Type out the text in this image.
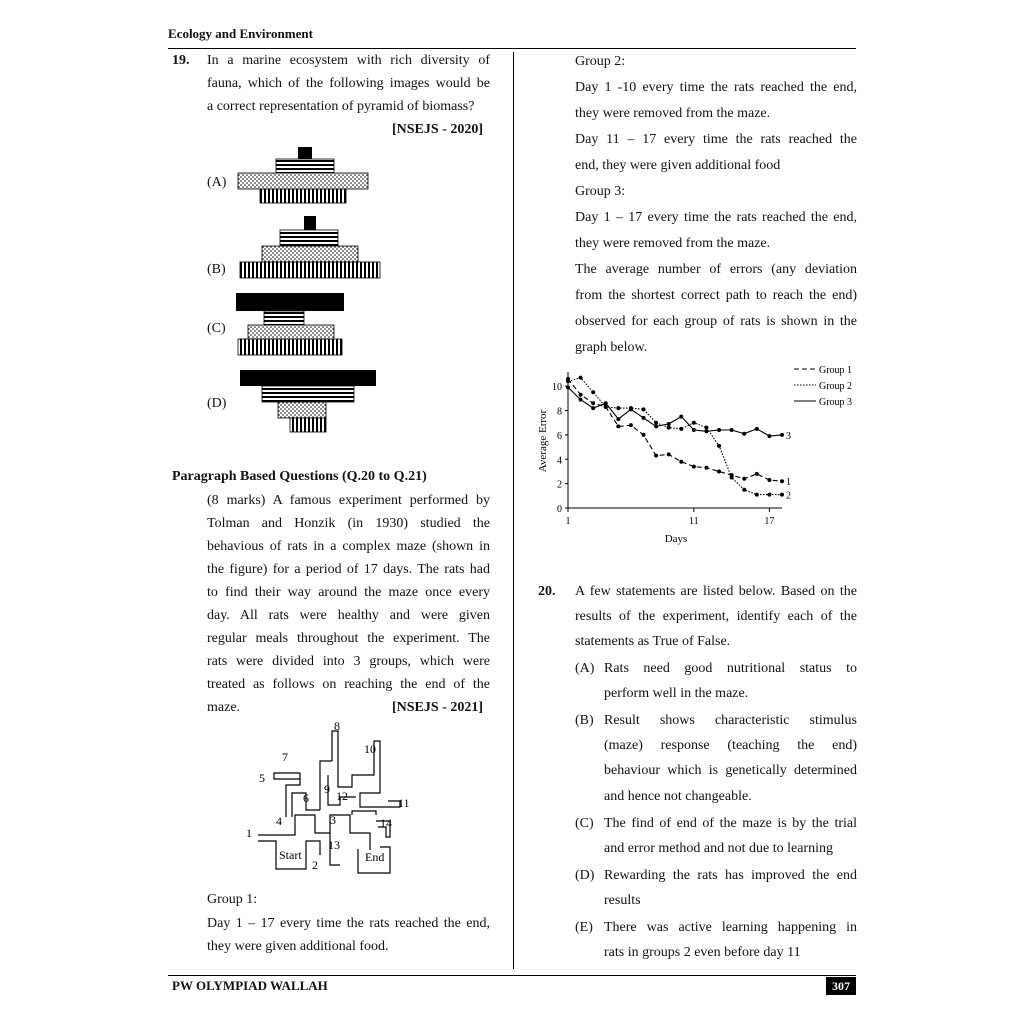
Ecology and Environment
PW OLYMPIAD WALLAH	307
19. In a marine ecosystem with rich diversity of
fauna, which of the following images would be
a correct representation of pyramid of biomass?
[NSEJS - 2020]
(A)
(B)
(C)
(D)
Paragraph Based Questions (Q.20 to Q.21)
(8 marks) A famous experiment performed by
Tolman and Honzik (in 1930) studied the
behavious of rats in a complex maze (shown in
the figure) for a period of 17 days. The rats had
to find their way around the maze once every
day. All rats were healthy and were given
regular meals throughout the experiment. The
rats were divided into 3 groups, which were
treated as follows on reaching the end of the
maze.	[NSEJS - 2021]
1
2
3
4
5
6
7
8
9
10
11
12
13
14
Start	End
Group 1:
Day 1 – 17 every time the rats reached the end,
they were given additional food.
Group 2:
Day 1 -10 every time the rats reached the end,
they were removed from the maze.
Day 11 – 17 every time the rats reached the
end, they were given additional food
Group 3:
Day 1 – 17 every time the rats reached the end,
they were removed from the maze.
The average number of errors (any deviation
from the shortest correct path to reach the end)
observed for each group of rats is shown in the
graph below.
0
2
4
6
8
10
1	11	17
1
2
3
Group 1
Group 2
Group 3
Average Error
Days
20. A few statements are listed below. Based on the
results of the experiment, identify each of the
statements as True of False.
(A) Rats need good nutritional status to
perform well in the maze.
(B) Result shows characteristic stimulus
(maze) response (teaching the end)
behaviour which is genetically determined
and hence not changeable.
(C) The find of end of the maze is by the trial
and error method and not due to learning
(D) Rewarding the rats has improved the end
results
(E) There was active learning happening in
rats in groups 2 even before day 11
